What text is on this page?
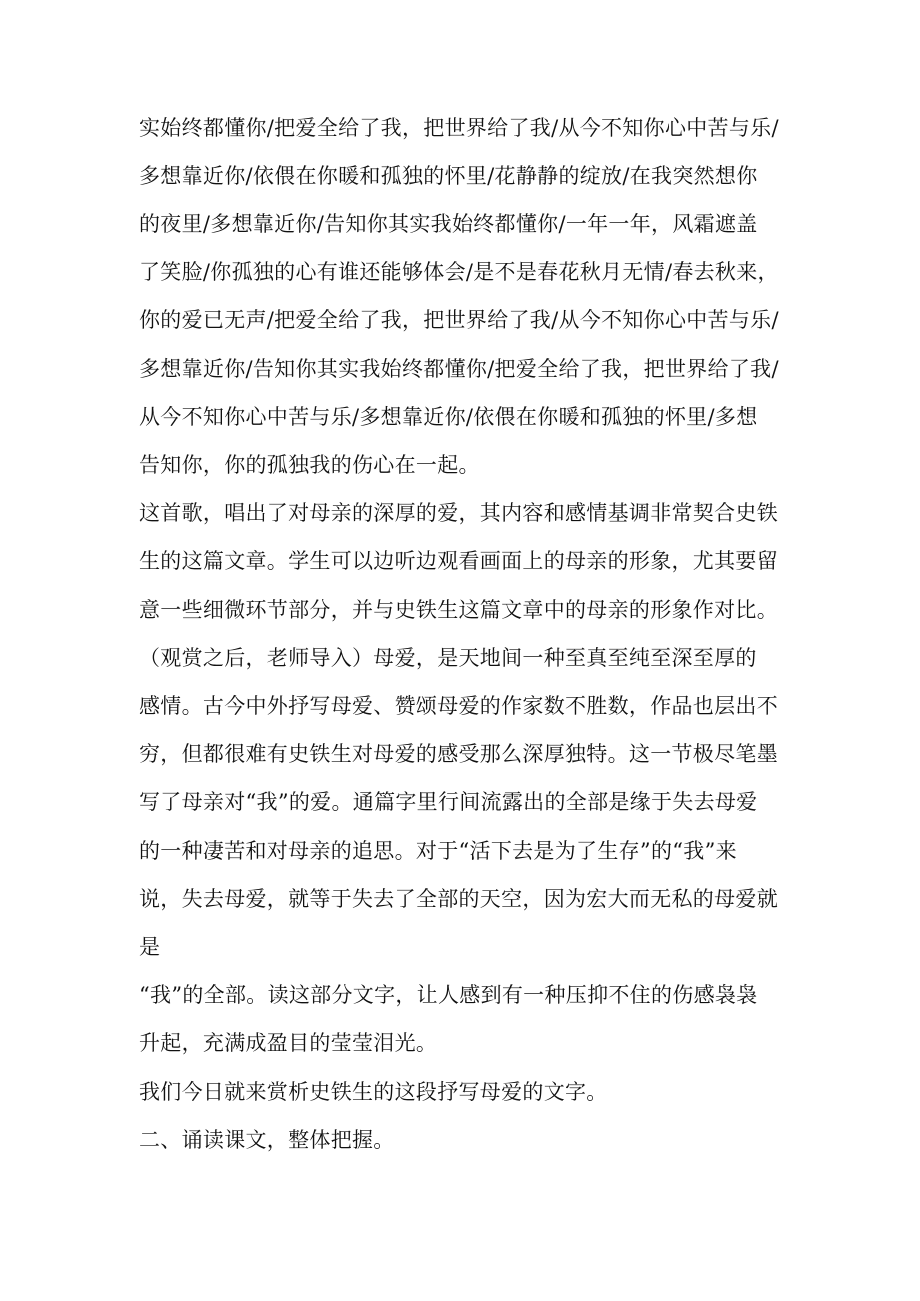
实始终都懂你/把爱全给了我，把世界给了我/从今不知你心中苦与乐/
多想靠近你/依偎在你暖和孤独的怀里/花静静的绽放/在我突然想你
的夜里/多想靠近你/告知你其实我始终都懂你/一年一年，风霜遮盖
了笑脸/你孤独的心有谁还能够体会/是不是春花秋月无情/春去秋来，
你的爱已无声/把爱全给了我，把世界给了我/从今不知你心中苦与乐/
多想靠近你/告知你其实我始终都懂你/把爱全给了我，把世界给了我/
从今不知你心中苦与乐/多想靠近你/依偎在你暖和孤独的怀里/多想
告知你，你的孤独我的伤心在一起。
这首歌，唱出了对母亲的深厚的爱，其内容和感情基调非常契合史铁
生的这篇文章。学生可以边听边观看画面上的母亲的形象，尤其要留
意一些细微环节部分，并与史铁生这篇文章中的母亲的形象作对比。
（观赏之后，老师导入）母爱，是天地间一种至真至纯至深至厚的
感情。古今中外抒写母爱、赞颂母爱的作家数不胜数，作品也层出不
穷，但都很难有史铁生对母爱的感受那么深厚独特。这一节极尽笔墨
写了母亲对“我”的爱。通篇字里行间流露出的全部是缘于失去母爱
的一种凄苦和对母亲的追思。对于“活下去是为了生存”的“我”来
说，失去母爱，就等于失去了全部的天空，因为宏大而无私的母爱就
是
“我”的全部。读这部分文字，让人感到有一种压抑不住的伤感袅袅
升起，充满成盈目的莹莹泪光。
我们今日就来赏析史铁生的这段抒写母爱的文字。
二、诵读课文，整体把握。
